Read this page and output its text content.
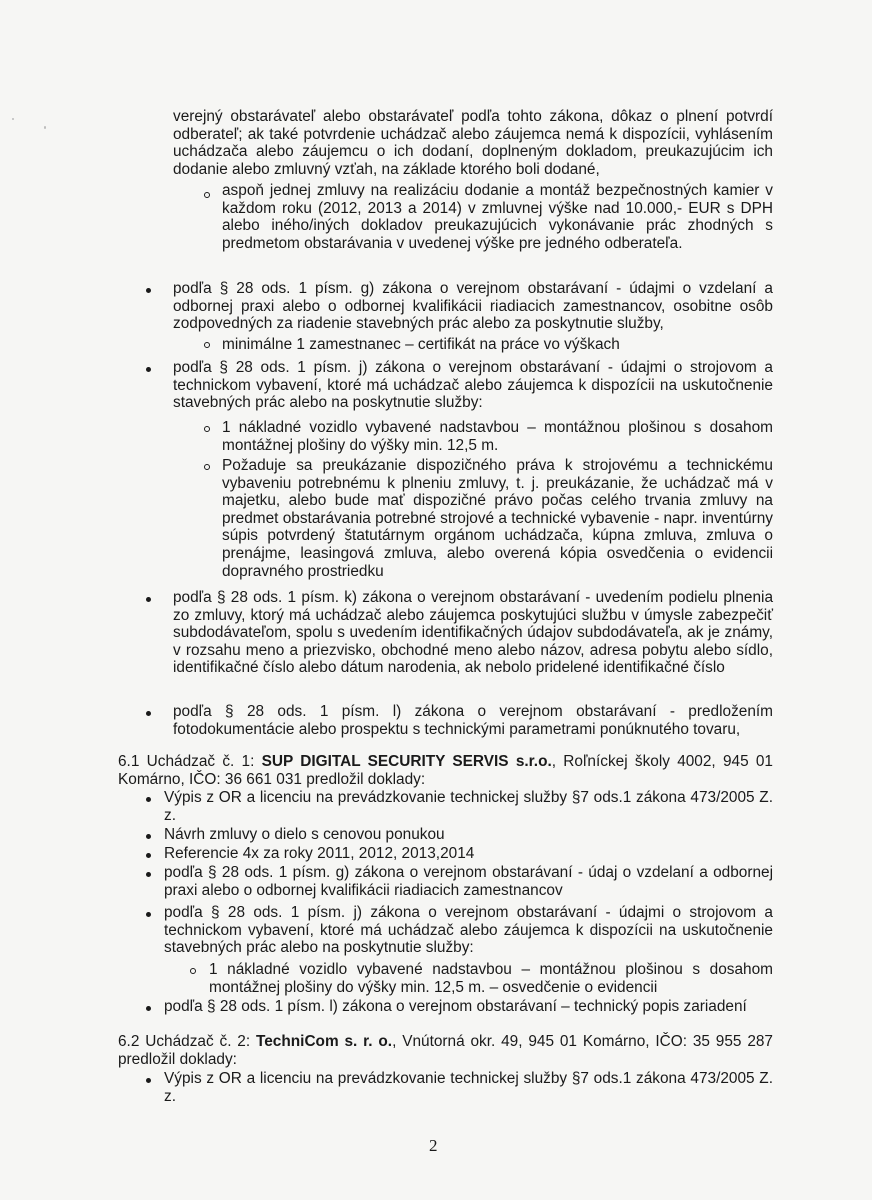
verejný obstarávateľ alebo obstarávateľ podľa tohto zákona, dôkaz o plnení potvrdí odberateľ; ak také potvrdenie uchádzač alebo záujemca nemá k dispozícii, vyhlásením uchádzača alebo záujemcu o ich dodaní, doplneným dokladom, preukazujúcim ich dodanie alebo zmluvný vzťah, na základe ktorého boli dodané,

aspoň jednej zmluvy na realizáciu dodanie a montáž bezpečnostných kamier v každom roku (2012, 2013 a 2014) v zmluvnej výške nad 10.000,- EUR s DPH alebo iného/iných dokladov preukazujúcich vykonávanie prác zhodných s predmetom obstarávania v uvedenej výške pre jedného odberateľa.

podľa § 28 ods. 1 písm. g) zákona o verejnom obstarávaní - údajmi o vzdelaní a odbornej praxi alebo o odbornej kvalifikácii riadiacich zamestnancov, osobitne osôb zodpovedných za riadenie stavebných prác alebo za poskytnutie služby,

minimálne 1 zamestnanec – certifikát na práce vo výškach

podľa § 28 ods. 1 písm. j) zákona o verejnom obstarávaní - údajmi o strojovom a technickom vybavení, ktoré má uchádzač alebo záujemca k dispozícii na uskutočnenie stavebných prác alebo na poskytnutie služby:

1 nákladné vozidlo vybavené nadstavbou – montážnou plošinou s dosahom montážnej plošiny do výšky min. 12,5 m.

Požaduje sa preukázanie dispozičného práva k strojovému a technickému vybaveniu potrebnému k plneniu zmluvy, t. j. preukázanie, že uchádzač má v majetku, alebo bude mať dispozičné právo počas celého trvania zmluvy na predmet obstarávania potrebné strojové a technické vybavenie - napr. inventúrny súpis potvrdený štatutárnym orgánom uchádzača, kúpna zmluva, zmluva o prenájme, leasingová zmluva, alebo overená kópia osvedčenia o evidencii dopravného prostriedku

podľa § 28 ods. 1 písm. k) zákona o verejnom obstarávaní - uvedením podielu plnenia zo zmluvy, ktorý má uchádzač alebo záujemca poskytujúci službu v úmysle zabezpečiť subdodávateľom, spolu s uvedením identifikačných údajov subdodávateľa, ak je známy, v rozsahu meno a priezvisko, obchodné meno alebo názov, adresa pobytu alebo sídlo, identifikačné číslo alebo dátum narodenia, ak nebolo pridelené identifikačné číslo

podľa § 28 ods. 1 písm. l) zákona o verejnom obstarávaní - predložením fotodokumentácie alebo prospektu s technickými parametrami ponúknutého tovaru,

6.1 Uchádzač č. 1: SUP DIGITAL SECURITY SERVIS s.r.o., Roľníckej školy 4002, 945 01 Komárno, IČO: 36 661 031 predložil doklady:

Výpis z OR a licenciu na prevádzkovanie technickej služby §7 ods.1 zákona 473/2005 Z. z.

Návrh zmluvy o dielo s cenovou ponukou

Referencie 4x za roky 2011, 2012, 2013,2014

podľa § 28 ods. 1 písm. g) zákona o verejnom obstarávaní - údaj o vzdelaní a odbornej praxi alebo o odbornej kvalifikácii riadiacich zamestnancov

podľa § 28 ods. 1 písm. j) zákona o verejnom obstarávaní - údajmi o strojovom a technickom vybavení, ktoré má uchádzač alebo záujemca k dispozícii na uskutočnenie stavebných prác alebo na poskytnutie služby:

1 nákladné vozidlo vybavené nadstavbou – montážnou plošinou s dosahom montážnej plošiny do výšky min. 12,5 m. – osvedčenie o evidencii

podľa § 28 ods. 1 písm. l) zákona o verejnom obstarávaní – technický popis zariadení

6.2 Uchádzač č. 2: TechniCom s. r. o., Vnútorná okr. 49, 945 01 Komárno, IČO: 35 955 287 predložil doklady:

Výpis z OR a licenciu na prevádzkovanie technickej služby §7 ods.1 zákona 473/2005 Z. z.

2
